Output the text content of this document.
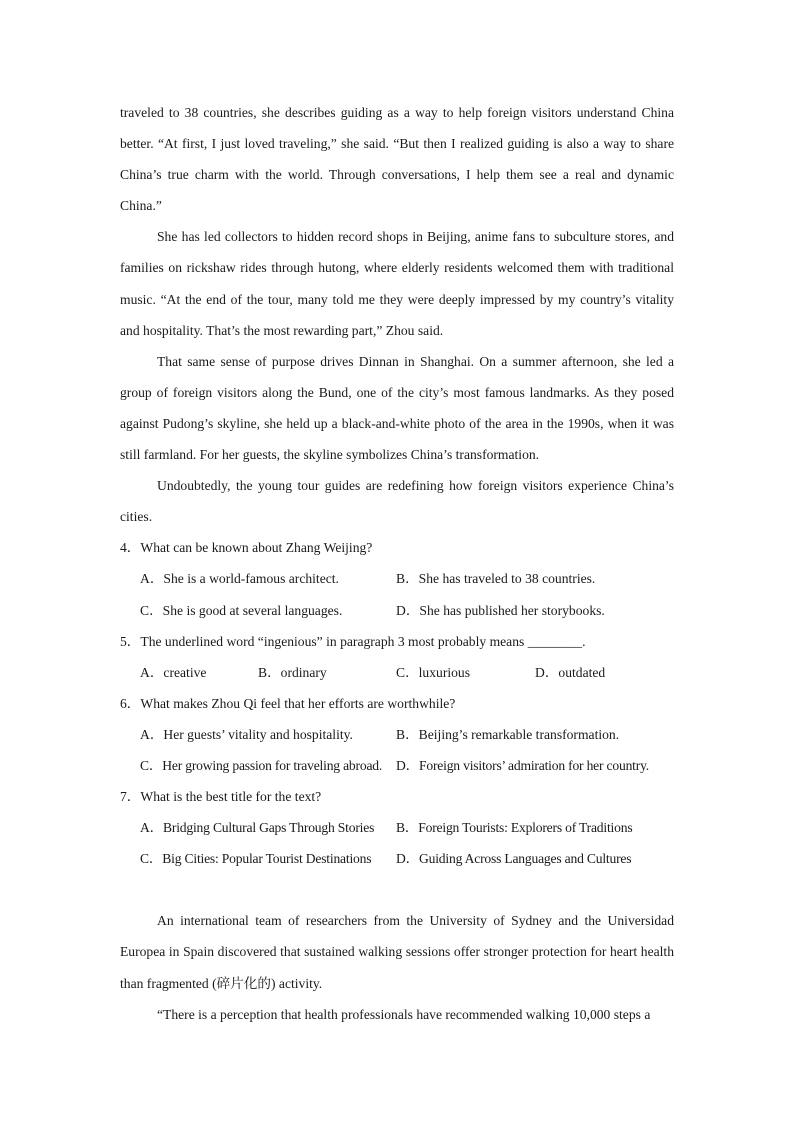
traveled to 38 countries, she describes guiding as a way to help foreign visitors understand China better. “At first, I just loved traveling,” she said. “But then I realized guiding is also a way to share China’s true charm with the world. Through conversations, I help them see a real and dynamic China.”

She has led collectors to hidden record shops in Beijing, anime fans to subculture stores, and families on rickshaw rides through hutong, where elderly residents welcomed them with traditional music. “At the end of the tour, many told me they were deeply impressed by my country’s vitality and hospitality. That’s the most rewarding part,” Zhou said.

That same sense of purpose drives Dinnan in Shanghai. On a summer afternoon, she led a group of foreign visitors along the Bund, one of the city’s most famous landmarks. As they posed against Pudong’s skyline, she held up a black-and-white photo of the area in the 1990s, when it was still farmland. For her guests, the skyline symbolizes China’s transformation.

Undoubtedly, the young tour guides are redefining how foreign visitors experience China’s cities.

4．What can be known about Zhang Weijing?
A．She is a world-famous architect.	B．She has traveled to 38 countries.
C．She is good at several languages.	D．She has published her storybooks.
5．The underlined word “ingenious” in paragraph 3 most probably means ________.
A．creative	B．ordinary	C．luxurious	D．outdated
6．What makes Zhou Qi feel that her efforts are worthwhile?
A．Her guests’ vitality and hospitality.	B．Beijing’s remarkable transformation.
C．Her growing passion for traveling abroad.	D．Foreign visitors’ admiration for her country.
7．What is the best title for the text?
A．Bridging Cultural Gaps Through Stories	B．Foreign Tourists: Explorers of Traditions
C．Big Cities: Popular Tourist Destinations	D．Guiding Across Languages and Cultures

An international team of researchers from the University of Sydney and the Universidad Europea in Spain discovered that sustained walking sessions offer stronger protection for heart health than fragmented (碎片化的) activity.

“There is a perception that health professionals have recommended walking 10,000 steps a
